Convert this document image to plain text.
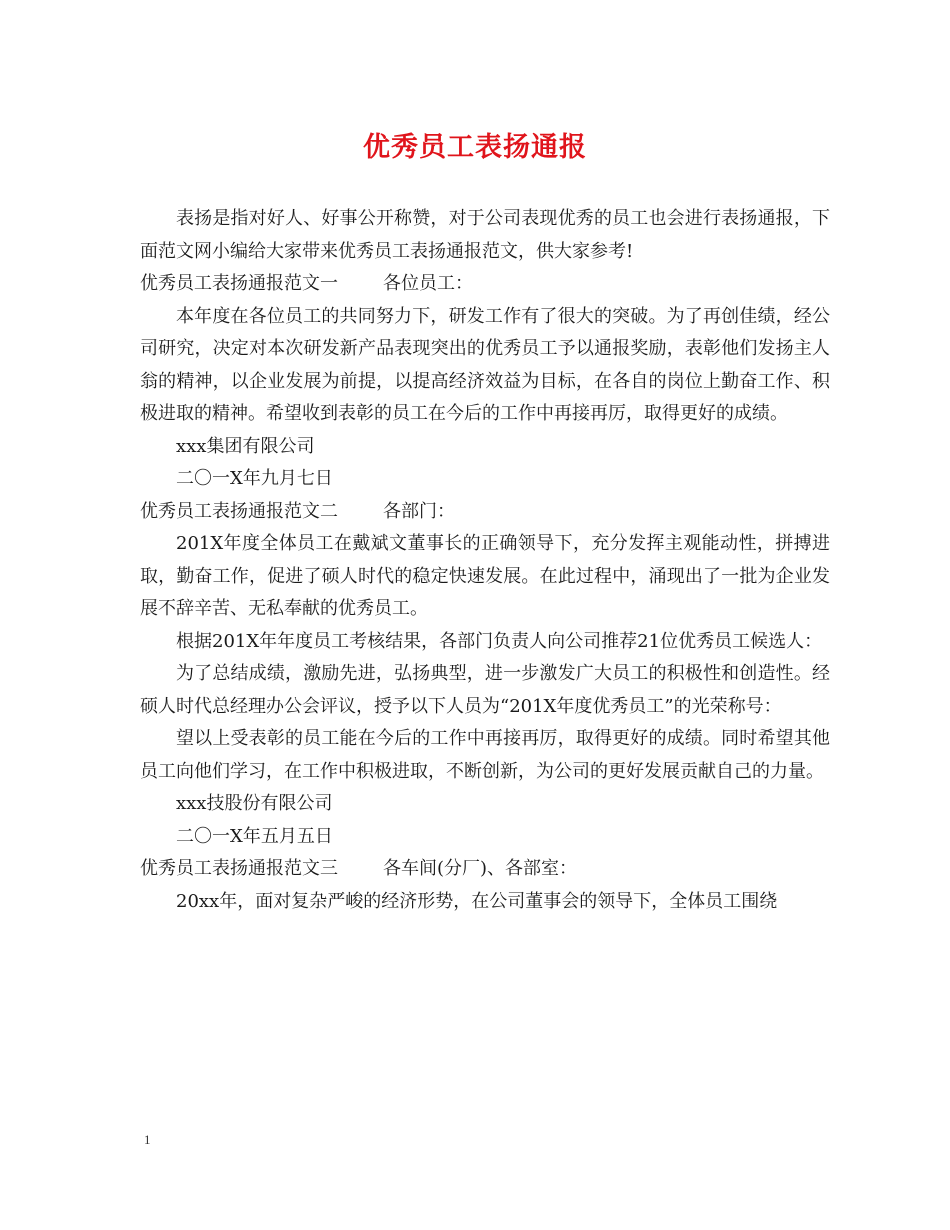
优秀员工表扬通报

表扬是指对好人、好事公开称赞，对于公司表现优秀的员工也会进行表扬通报，下面范文网小编给大家带来优秀员工表扬通报范文，供大家参考!

优秀员工表扬通报范文一	各位员工：

本年度在各位员工的共同努力下，研发工作有了很大的突破。为了再创佳绩，经公司研究，决定对本次研发新产品表现突出的优秀员工予以通报奖励，表彰他们发扬主人翁的精神，以企业发展为前提，以提高经济效益为目标，在各自的岗位上勤奋工作、积极进取的精神。希望收到表彰的员工在今后的工作中再接再厉，取得更好的成绩。

xxx集团有限公司

二〇一X年九月七日

优秀员工表扬通报范文二	各部门：

201X年度全体员工在戴斌文董事长的正确领导下，充分发挥主观能动性，拼搏进取，勤奋工作，促进了硕人时代的稳定快速发展。在此过程中，涌现出了一批为企业发展不辞辛苦、无私奉献的优秀员工。

根据201X年年度员工考核结果，各部门负责人向公司推荐21位优秀员工候选人：

为了总结成绩，激励先进，弘扬典型，进一步激发广大员工的积极性和创造性。经硕人时代总经理办公会评议，授予以下人员为“201X年度优秀员工”的光荣称号：

望以上受表彰的员工能在今后的工作中再接再厉，取得更好的成绩。同时希望其他员工向他们学习，在工作中积极进取，不断创新，为公司的更好发展贡献自己的力量。

xxx技股份有限公司

二〇一X年五月五日

优秀员工表扬通报范文三	各车间(分厂)、各部室：

20xx年，面对复杂严峻的经济形势，在公司董事会的领导下，全体员工围绕

1
